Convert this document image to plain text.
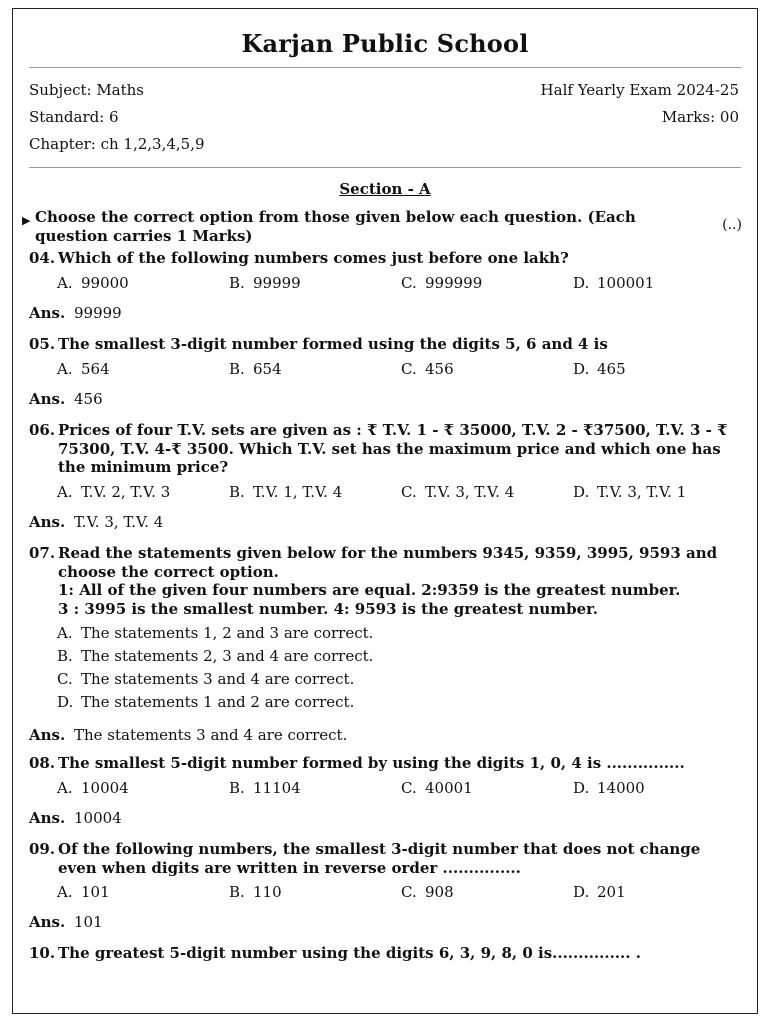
Karjan Public School
Subject: Maths	Half Yearly Exam 2024-25
Standard: 6	Marks: 00
Chapter: ch 1,2,3,4,5,9
Section - A
▶ Choose the correct option from those given below each question. (Each question carries 1 Marks)
(..)
04. Which of the following numbers comes just before one lakh?
A. 99000	B. 99999	C. 999999	D. 100001
Ans. 99999
05. The smallest 3-digit number formed using the digits 5, 6 and 4 is
A. 564	B. 654	C. 456	D. 465
Ans. 456
06. Prices of four T.V. sets are given as : ₹ T.V. 1 - ₹ 35000, T.V. 2 - ₹37500, T.V. 3 - ₹ 75300, T.V. 4-₹ 3500. Which T.V. set has the maximum price and which one has the minimum price?
A. T.V. 2, T.V. 3	B. T.V. 1, T.V. 4	C. T.V. 3, T.V. 4	D. T.V. 3, T.V. 1
Ans. T.V. 3, T.V. 4
07. Read the statements given below for the numbers 9345, 9359, 3995, 9593 and choose the correct option.
1: All of the given four numbers are equal. 2:9359 is the greatest number.
3 : 3995 is the smallest number. 4: 9593 is the greatest number.
A. The statements 1, 2 and 3 are correct.
B. The statements 2, 3 and 4 are correct.
C. The statements 3 and 4 are correct.
D. The statements 1 and 2 are correct.
Ans. The statements 3 and 4 are correct.
08. The smallest 5-digit number formed by using the digits 1, 0, 4 is ...............
A. 10004	B. 11104	C. 40001	D. 14000
Ans. 10004
09. Of the following numbers, the smallest 3-digit number that does not change even when digits are written in reverse order ...............
A. 101	B. 110	C. 908	D. 201
Ans. 101
10. The greatest 5-digit number using the digits 6, 3, 9, 8, 0 is............... .
